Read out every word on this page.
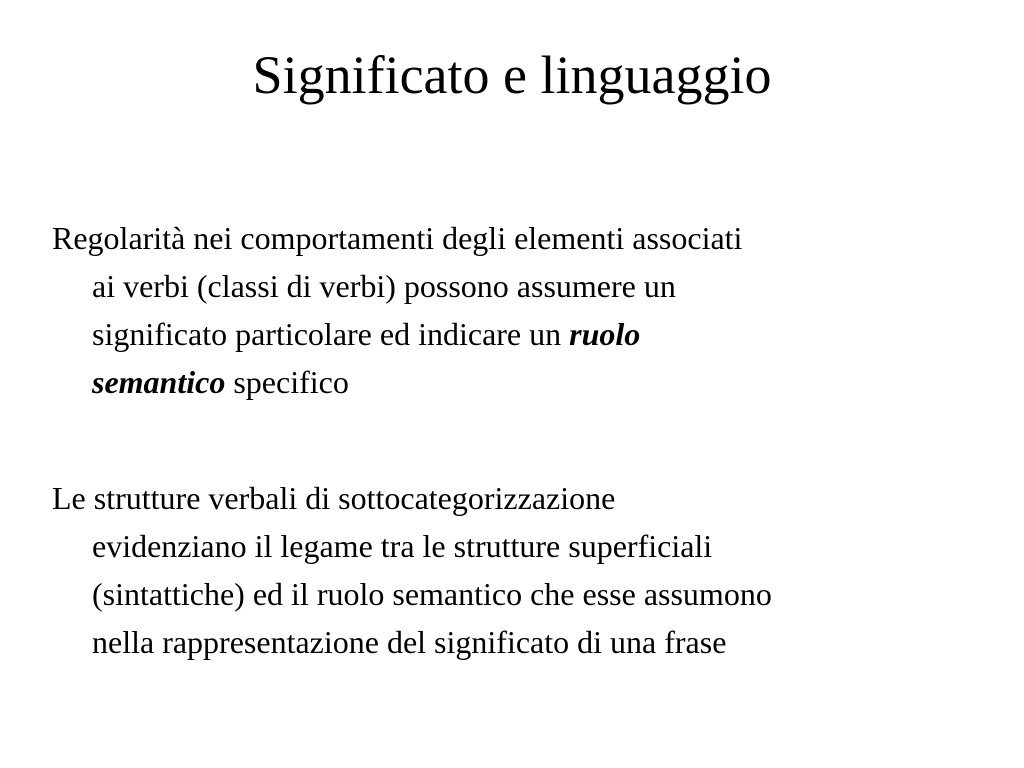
Significato e linguaggio

Regolarità nei comportamenti degli elementi associati
ai verbi (classi di verbi) possono assumere un
significato particolare ed indicare un ruolo
semantico specifico

Le strutture verbali di sottocategorizzazione
evidenziano il legame tra le strutture superficiali
(sintattiche) ed il ruolo semantico che esse assumono
nella rappresentazione del significato di una frase
